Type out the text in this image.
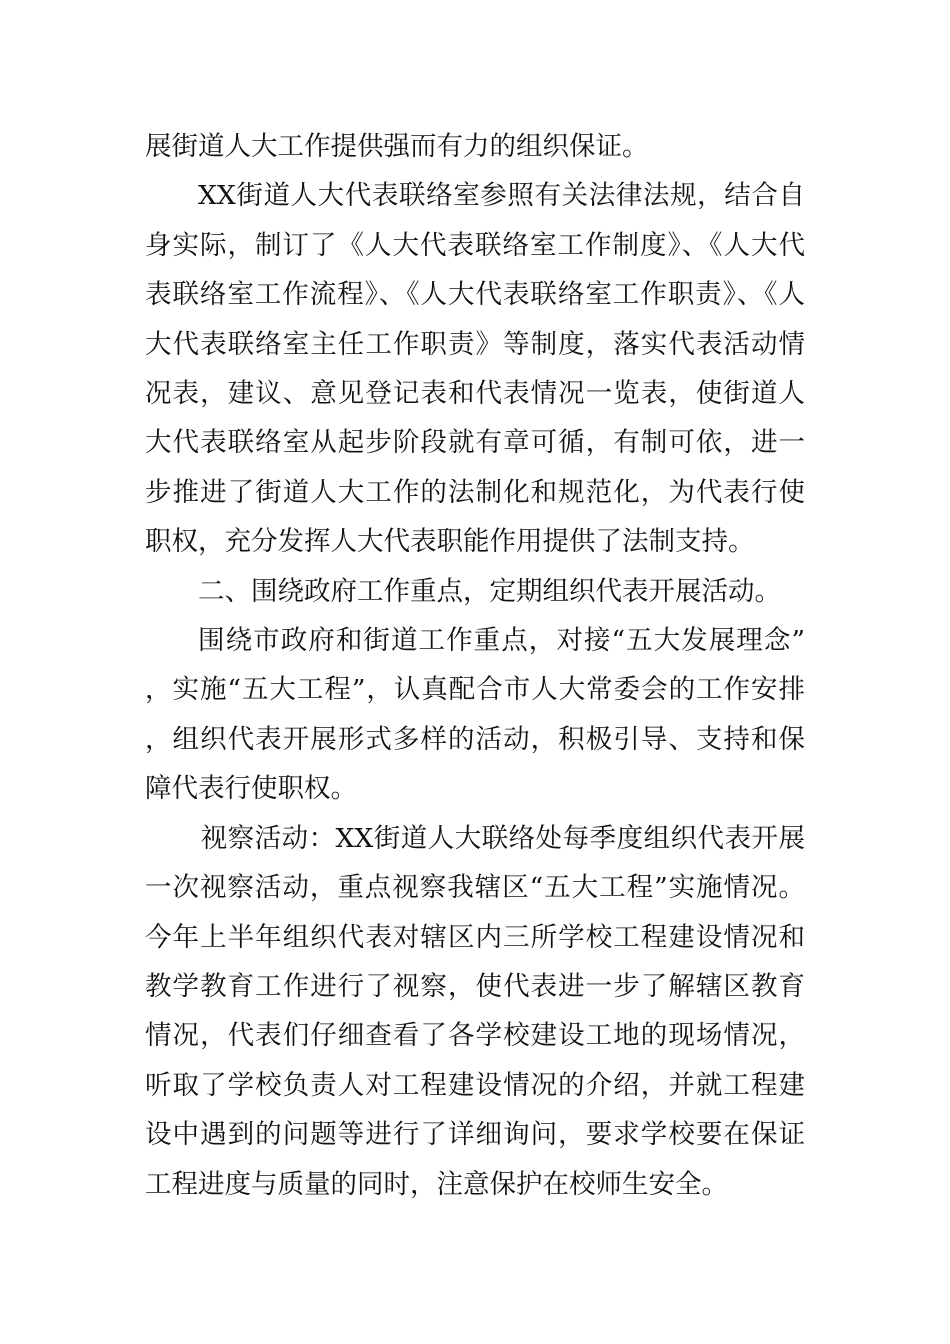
展街道人大工作提供强而有力的组织保证。

XX街道人大代表联络室参照有关法律法规，结合自身实际，制订了《人大代表联络室工作制度》、《人大代表联络室工作流程》、《人大代表联络室工作职责》、《人大代表联络室主任工作职责》等制度，落实代表活动情况表，建议、意见登记表和代表情况一览表，使街道人大代表联络室从起步阶段就有章可循，有制可依，进一步推进了街道人大工作的法制化和规范化，为代表行使职权，充分发挥人大代表职能作用提供了法制支持。

二、围绕政府工作重点，定期组织代表开展活动。

围绕市政府和街道工作重点，对接“五大发展理念”，实施“五大工程”，认真配合市人大常委会的工作安排，组织代表开展形式多样的活动，积极引导、支持和保障代表行使职权。

视察活动：XX街道人大联络处每季度组织代表开展一次视察活动，重点视察我辖区“五大工程”实施情况。今年上半年组织代表对辖区内三所学校工程建设情况和教学教育工作进行了视察，使代表进一步了解辖区教育情况，代表们仔细查看了各学校建设工地的现场情况，听取了学校负责人对工程建设情况的介绍，并就工程建设中遇到的问题等进行了详细询问，要求学校要在保证工程进度与质量的同时，注意保护在校师生安全。
